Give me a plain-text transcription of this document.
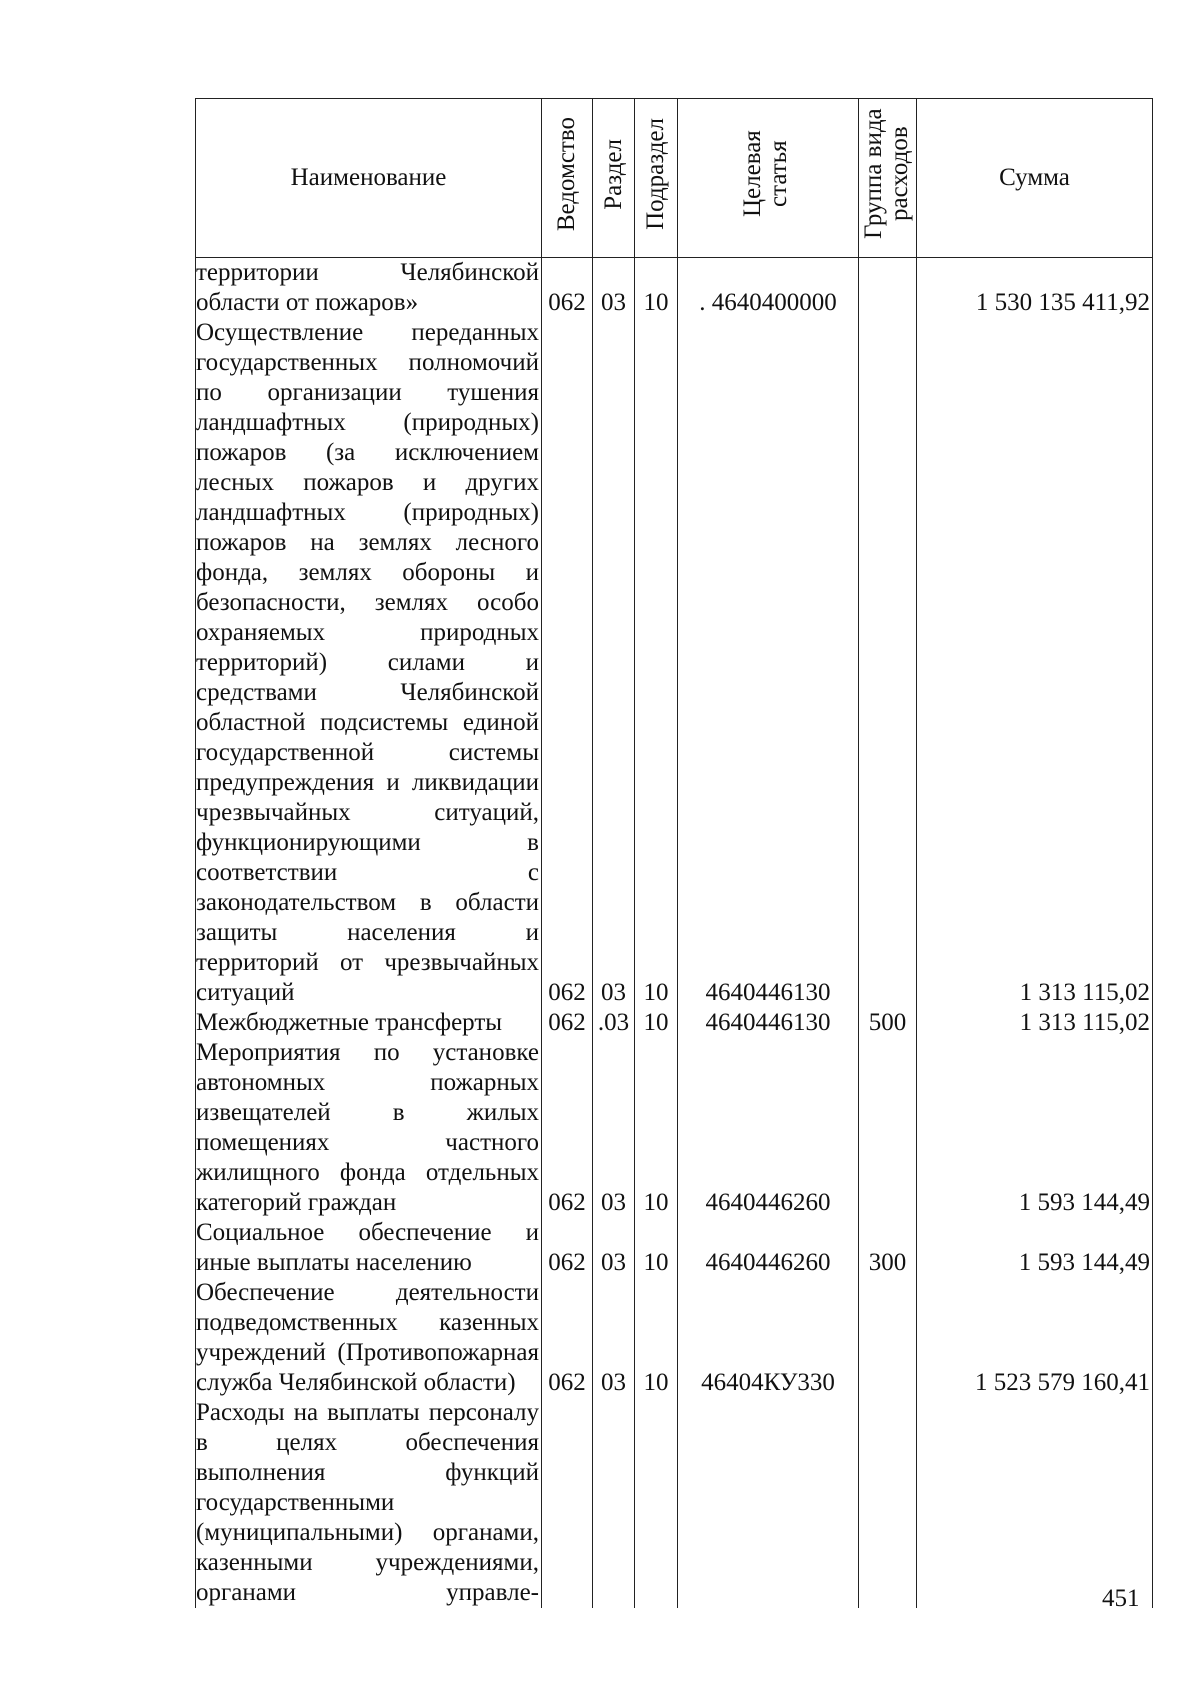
Наименование	Ведомство	Раздел	Подраздел	Целевая статья	Группа вида расходов	Сумма
территории Челябинской области от пожаров»	062	03	10	. 4640400000		1 530 135 411,92
Осуществление переданных государственных полномочий по организации тушения ландшафтных (природных) пожаров (за исключением лесных пожаров и других ландшафтных (природных) пожаров на землях лесного фонда, землях обороны и безопасности, землях особо охраняемых природных территорий) силами и средствами Челябинской областной подсистемы единой государственной системы предупреждения и ликвидации чрезвычайных ситуаций, функционирующими в соответствии с законодательством в области защиты населения и территорий от чрезвычайных ситуаций	062	03	10	4640446130		1 313 115,02
Межбюджетные трансферты	062	.03	10	4640446130	500	1 313 115,02
Мероприятия по установке автономных пожарных извещателей в жилых помещениях частного жилищного фонда отдельных категорий граждан	062	03	10	4640446260		1 593 144,49
Социальное обеспечение и иные выплаты населению	062	03	10	4640446260	300	1 593 144,49
Обеспечение деятельности подведомственных казенных учреждений (Противопожарная служба Челябинской области)	062	03	10	46404КУ330		1 523 579 160,41
Расходы на выплаты персоналу в целях обеспечения выполнения функций государственными (муниципальными) органами, казенными учреждениями, органами управле-							451
